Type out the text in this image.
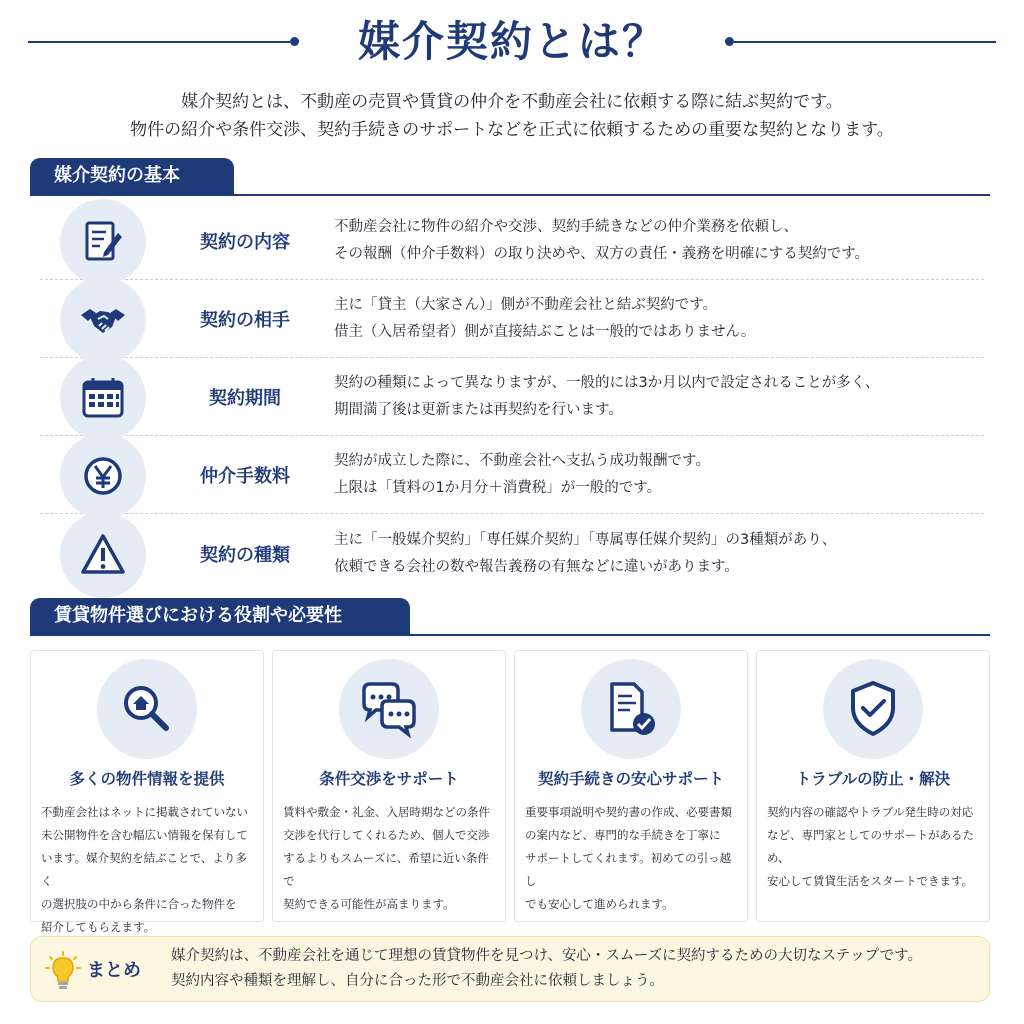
媒介契約とは？
媒介契約とは、不動産の売買や賃貸の仲介を不動産会社に依頼する際に結ぶ契約です。
物件の紹介や条件交渉、契約手続きのサポートなどを正式に依頼するための重要な契約となります。
媒介契約の基本
契約の内容
不動産会社に物件の紹介や交渉、契約手続きなどの仲介業務を依頼し、
その報酬（仲介手数料）の取り決めや、双方の責任・義務を明確にする契約です。
契約の相手
主に「貸主（大家さん）」側が不動産会社と結ぶ契約です。
借主（入居希望者）側が直接結ぶことは一般的ではありません。
契約期間
契約の種類によって異なりますが、一般的には3か月以内で設定されることが多く、
期間満了後は更新または再契約を行います。
仲介手数料
契約が成立した際に、不動産会社へ支払う成功報酬です。
上限は「賃料の1か月分＋消費税」が一般的です。
契約の種類
主に「一般媒介契約」「専任媒介契約」「専属専任媒介契約」の3種類があり、
依頼できる会社の数や報告義務の有無などに違いがあります。
賃貸物件選びにおける役割や必要性
多くの物件情報を提供
不動産会社はネットに掲載されていない
未公開物件を含む幅広い情報を保有して
います。媒介契約を結ぶことで、より多く
の選択肢の中から条件に合った物件を
紹介してもらえます。
条件交渉をサポート
賃料や敷金・礼金、入居時期などの条件
交渉を代行してくれるため、個人で交渉
するよりもスムーズに、希望に近い条件で
契約できる可能性が高まります。
契約手続きの安心サポート
重要事項説明や契約書の作成、必要書類
の案内など、専門的な手続きを丁寧に
サポートしてくれます。初めての引っ越し
でも安心して進められます。
トラブルの防止・解決
契約内容の確認やトラブル発生時の対応
など、専門家としてのサポートがあるため、
安心して賃貸生活をスタートできます。
まとめ
媒介契約は、不動産会社を通じて理想の賃貸物件を見つけ、安心・スムーズに契約するための大切なステップです。
契約内容や種類を理解し、自分に合った形で不動産会社に依頼しましょう。
